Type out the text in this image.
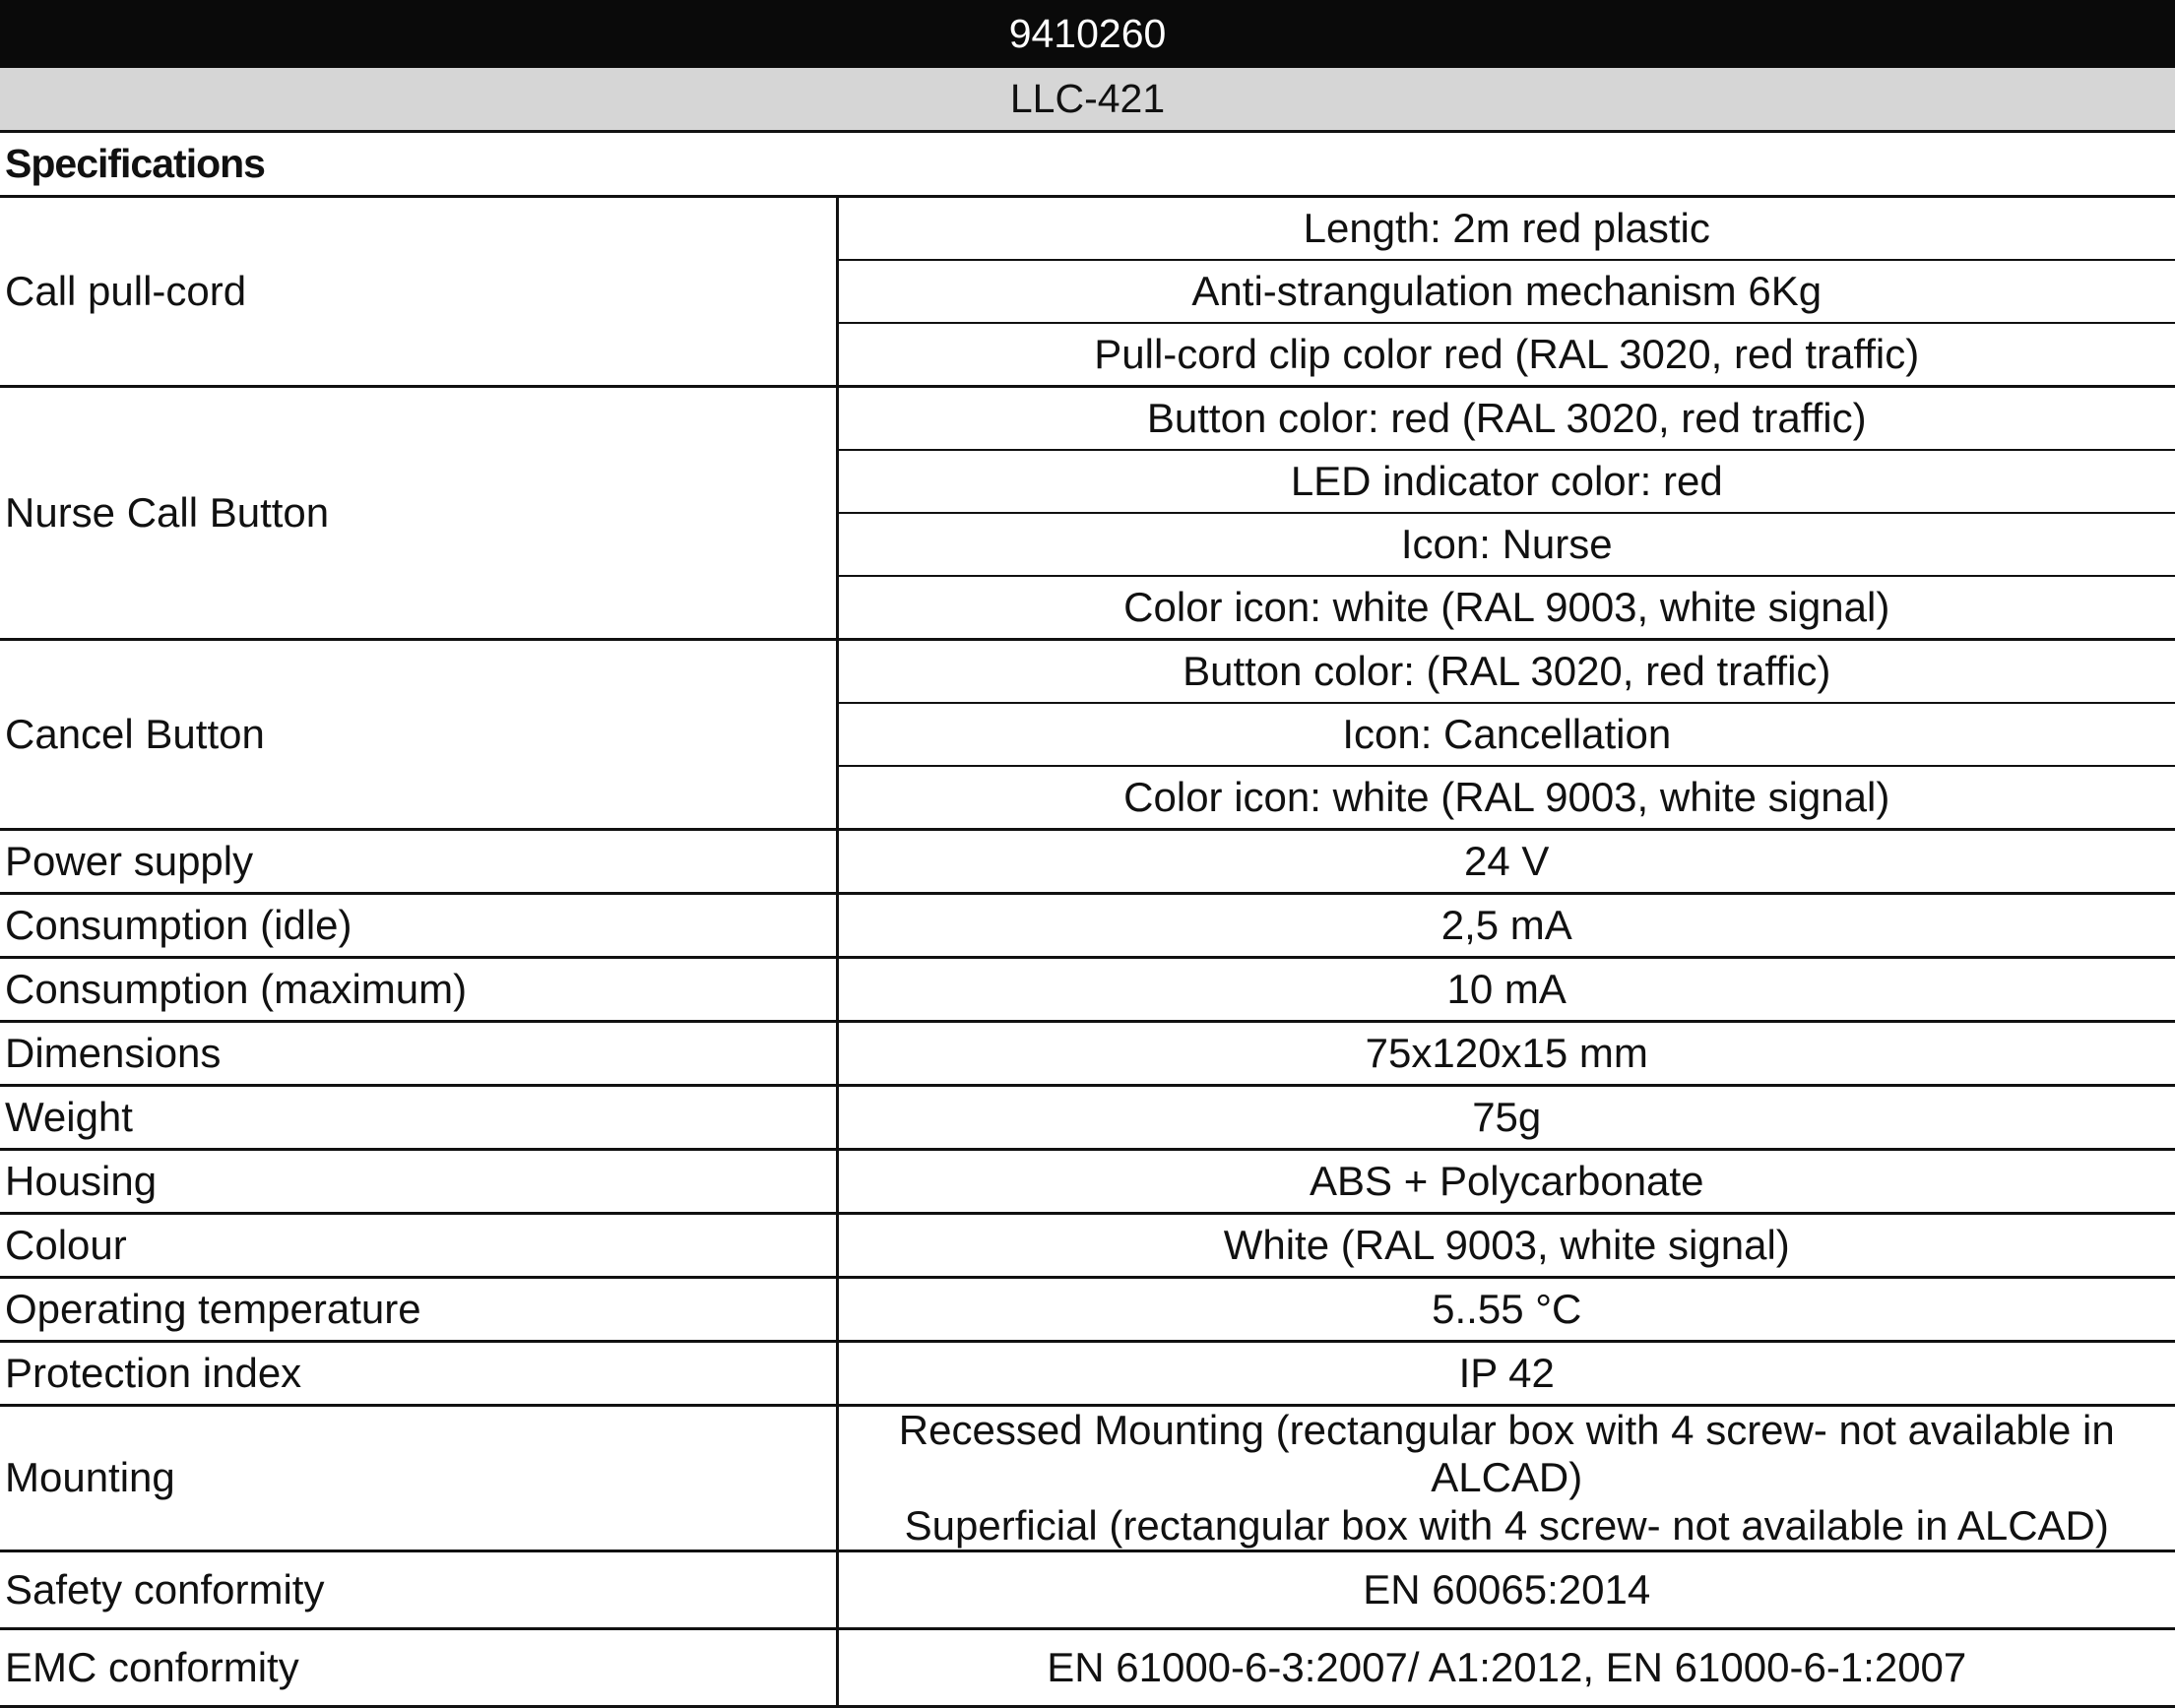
9410260
LLC-421
Specifications
Call pull-cord	Length: 2m red plastic
	Anti-strangulation mechanism 6Kg
	Pull-cord clip color red (RAL 3020, red traffic)
Nurse Call Button	Button color: red (RAL 3020, red traffic)
	LED indicator color: red
	Icon: Nurse
	Color icon: white (RAL 9003, white signal)
Cancel Button	Button color: (RAL 3020, red traffic)
	Icon: Cancellation
	Color icon: white (RAL 9003, white signal)
Power supply	24 V
Consumption (idle)	2,5 mA
Consumption (maximum)	10 mA
Dimensions	75x120x15 mm
Weight	75g
Housing	ABS + Polycarbonate
Colour	White (RAL 9003, white signal)
Operating temperature	5..55 °C
Protection index	IP 42
Mounting	Recessed Mounting (rectangular box with 4 screw- not available in ALCAD)
Superficial (rectangular box with 4 screw- not available in ALCAD)

Safety conformity	EN 60065:2014
EMC conformity	EN 61000-6-3:2007/ A1:2012, EN 61000-6-1:2007
